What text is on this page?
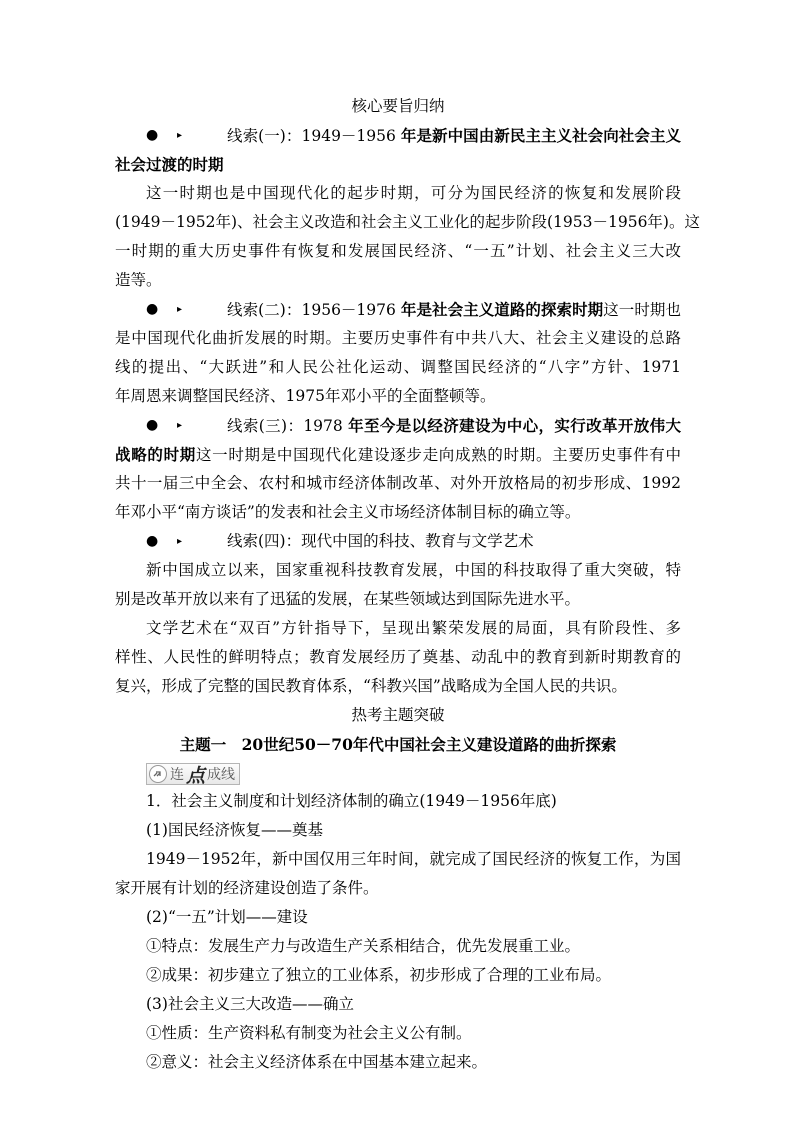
核心要旨归纳
●	▸	线索(一)：1949－1956 年是新中国由新民主主义社会向社会主义
社会过渡的时期
这一时期也是中国现代化的起步时期，可分为国民经济的恢复和发展阶段
(1949－1952年)、社会主义改造和社会主义工业化的起步阶段(1953－1956年)。这
一时期的重大历史事件有恢复和发展国民经济、“一五”计划、社会主义三大改
造等。
●	▸	线索(二)：1956－1976 年是社会主义道路的探索时期这一时期也
是中国现代化曲折发展的时期。主要历史事件有中共八大、社会主义建设的总路
线的提出、“大跃进”和人民公社化运动、调整国民经济的“八字”方针、1971
年周恩来调整国民经济、1975年邓小平的全面整顿等。
●	▸	线索(三)：1978 年至今是以经济建设为中心，实行改革开放伟大
战略的时期这一时期是中国现代化建设逐步走向成熟的时期。主要历史事件有中
共十一届三中全会、农村和城市经济体制改革、对外开放格局的初步形成、1992
年邓小平“南方谈话”的发表和社会主义市场经济体制目标的确立等。
●	▸	线索(四)：现代中国的科技、教育与文学艺术
新中国成立以来，国家重视科技教育发展，中国的科技取得了重大突破，特
别是改革开放以来有了迅猛的发展，在某些领域达到国际先进水平。
文学艺术在“双百”方针指导下，呈现出繁荣发展的局面，具有阶段性、多
样性、人民性的鲜明特点；教育发展经历了奠基、动乱中的教育到新时期教育的
复兴，形成了完整的国民教育体系，“科教兴国”战略成为全国人民的共识。
热考主题突破
主题一　20世纪50－70年代中国社会主义建设道路的曲折探索
连 点 成线
1．社会主义制度和计划经济体制的确立(1949－1956年底)
(1)国民经济恢复——奠基
1949－1952年，新中国仅用三年时间，就完成了国民经济的恢复工作，为国
家开展有计划的经济建设创造了条件。
(2)“一五”计划——建设
①特点：发展生产力与改造生产关系相结合，优先发展重工业。
②成果：初步建立了独立的工业体系，初步形成了合理的工业布局。
(3)社会主义三大改造——确立
①性质：生产资料私有制变为社会主义公有制。
②意义：社会主义经济体系在中国基本建立起来。
